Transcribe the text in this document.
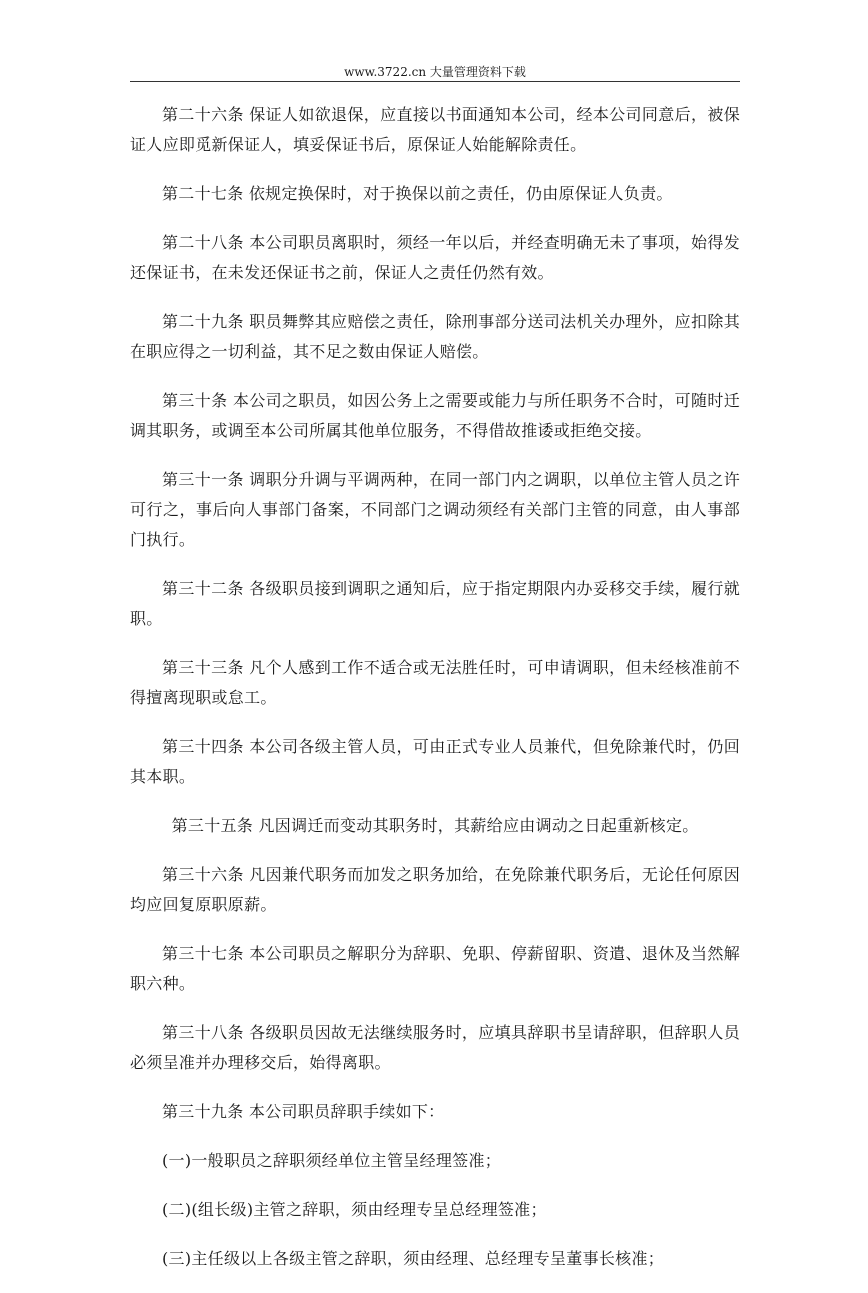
www.3722.cn 大量管理资料下载

第二十六条 保证人如欲退保，应直接以书面通知本公司，经本公司同意后，被保证人应即觅新保证人，填妥保证书后，原保证人始能解除责任。

第二十七条 依规定换保时，对于换保以前之责任，仍由原保证人负责。

第二十八条 本公司职员离职时，须经一年以后，并经查明确无未了事项，始得发还保证书，在未发还保证书之前，保证人之责任仍然有效。

第二十九条 职员舞弊其应赔偿之责任，除刑事部分送司法机关办理外，应扣除其在职应得之一切利益，其不足之数由保证人赔偿。

第三十条 本公司之职员，如因公务上之需要或能力与所任职务不合时，可随时迁调其职务，或调至本公司所属其他单位服务，不得借故推诿或拒绝交接。

第三十一条 调职分升调与平调两种，在同一部门内之调职，以单位主管人员之许可行之，事后向人事部门备案，不同部门之调动须经有关部门主管的同意，由人事部门执行。

第三十二条 各级职员接到调职之通知后，应于指定期限内办妥移交手续，履行就职。

第三十三条 凡个人感到工作不适合或无法胜任时，可申请调职，但未经核准前不得擅离现职或怠工。

第三十四条 本公司各级主管人员，可由正式专业人员兼代，但免除兼代时，仍回其本职。

第三十五条 凡因调迁而变动其职务时，其薪给应由调动之日起重新核定。

第三十六条 凡因兼代职务而加发之职务加给，在免除兼代职务后，无论任何原因均应回复原职原薪。

第三十七条 本公司职员之解职分为辞职、免职、停薪留职、资遣、退休及当然解职六种。

第三十八条 各级职员因故无法继续服务时，应填具辞职书呈请辞职，但辞职人员必须呈准并办理移交后，始得离职。

第三十九条 本公司职员辞职手续如下：

(一)一般职员之辞职须经单位主管呈经理签准；

(二)(组长级)主管之辞职，须由经理专呈总经理签准；

(三)主任级以上各级主管之辞职，须由经理、总经理专呈董事长核准；
